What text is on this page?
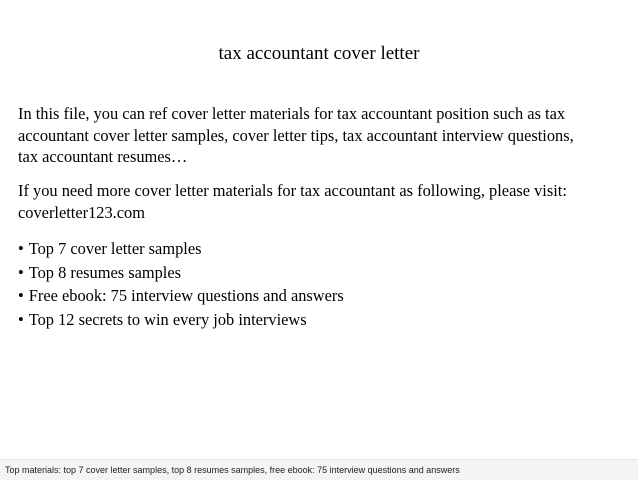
tax accountant cover letter

In this file, you can ref cover letter materials for tax accountant position such as tax
accountant cover letter samples, cover letter tips, tax accountant interview questions,
tax accountant resumes…

If you need more cover letter materials for tax accountant as following, please visit:
coverletter123.com

• Top 7 cover letter samples
• Top 8 resumes samples
• Free ebook: 75 interview questions and answers
• Top 12 secrets to win every job interviews
Top materials: top 7 cover letter samples, top 8 resumes samples, free ebook: 75 interview questions and answers
